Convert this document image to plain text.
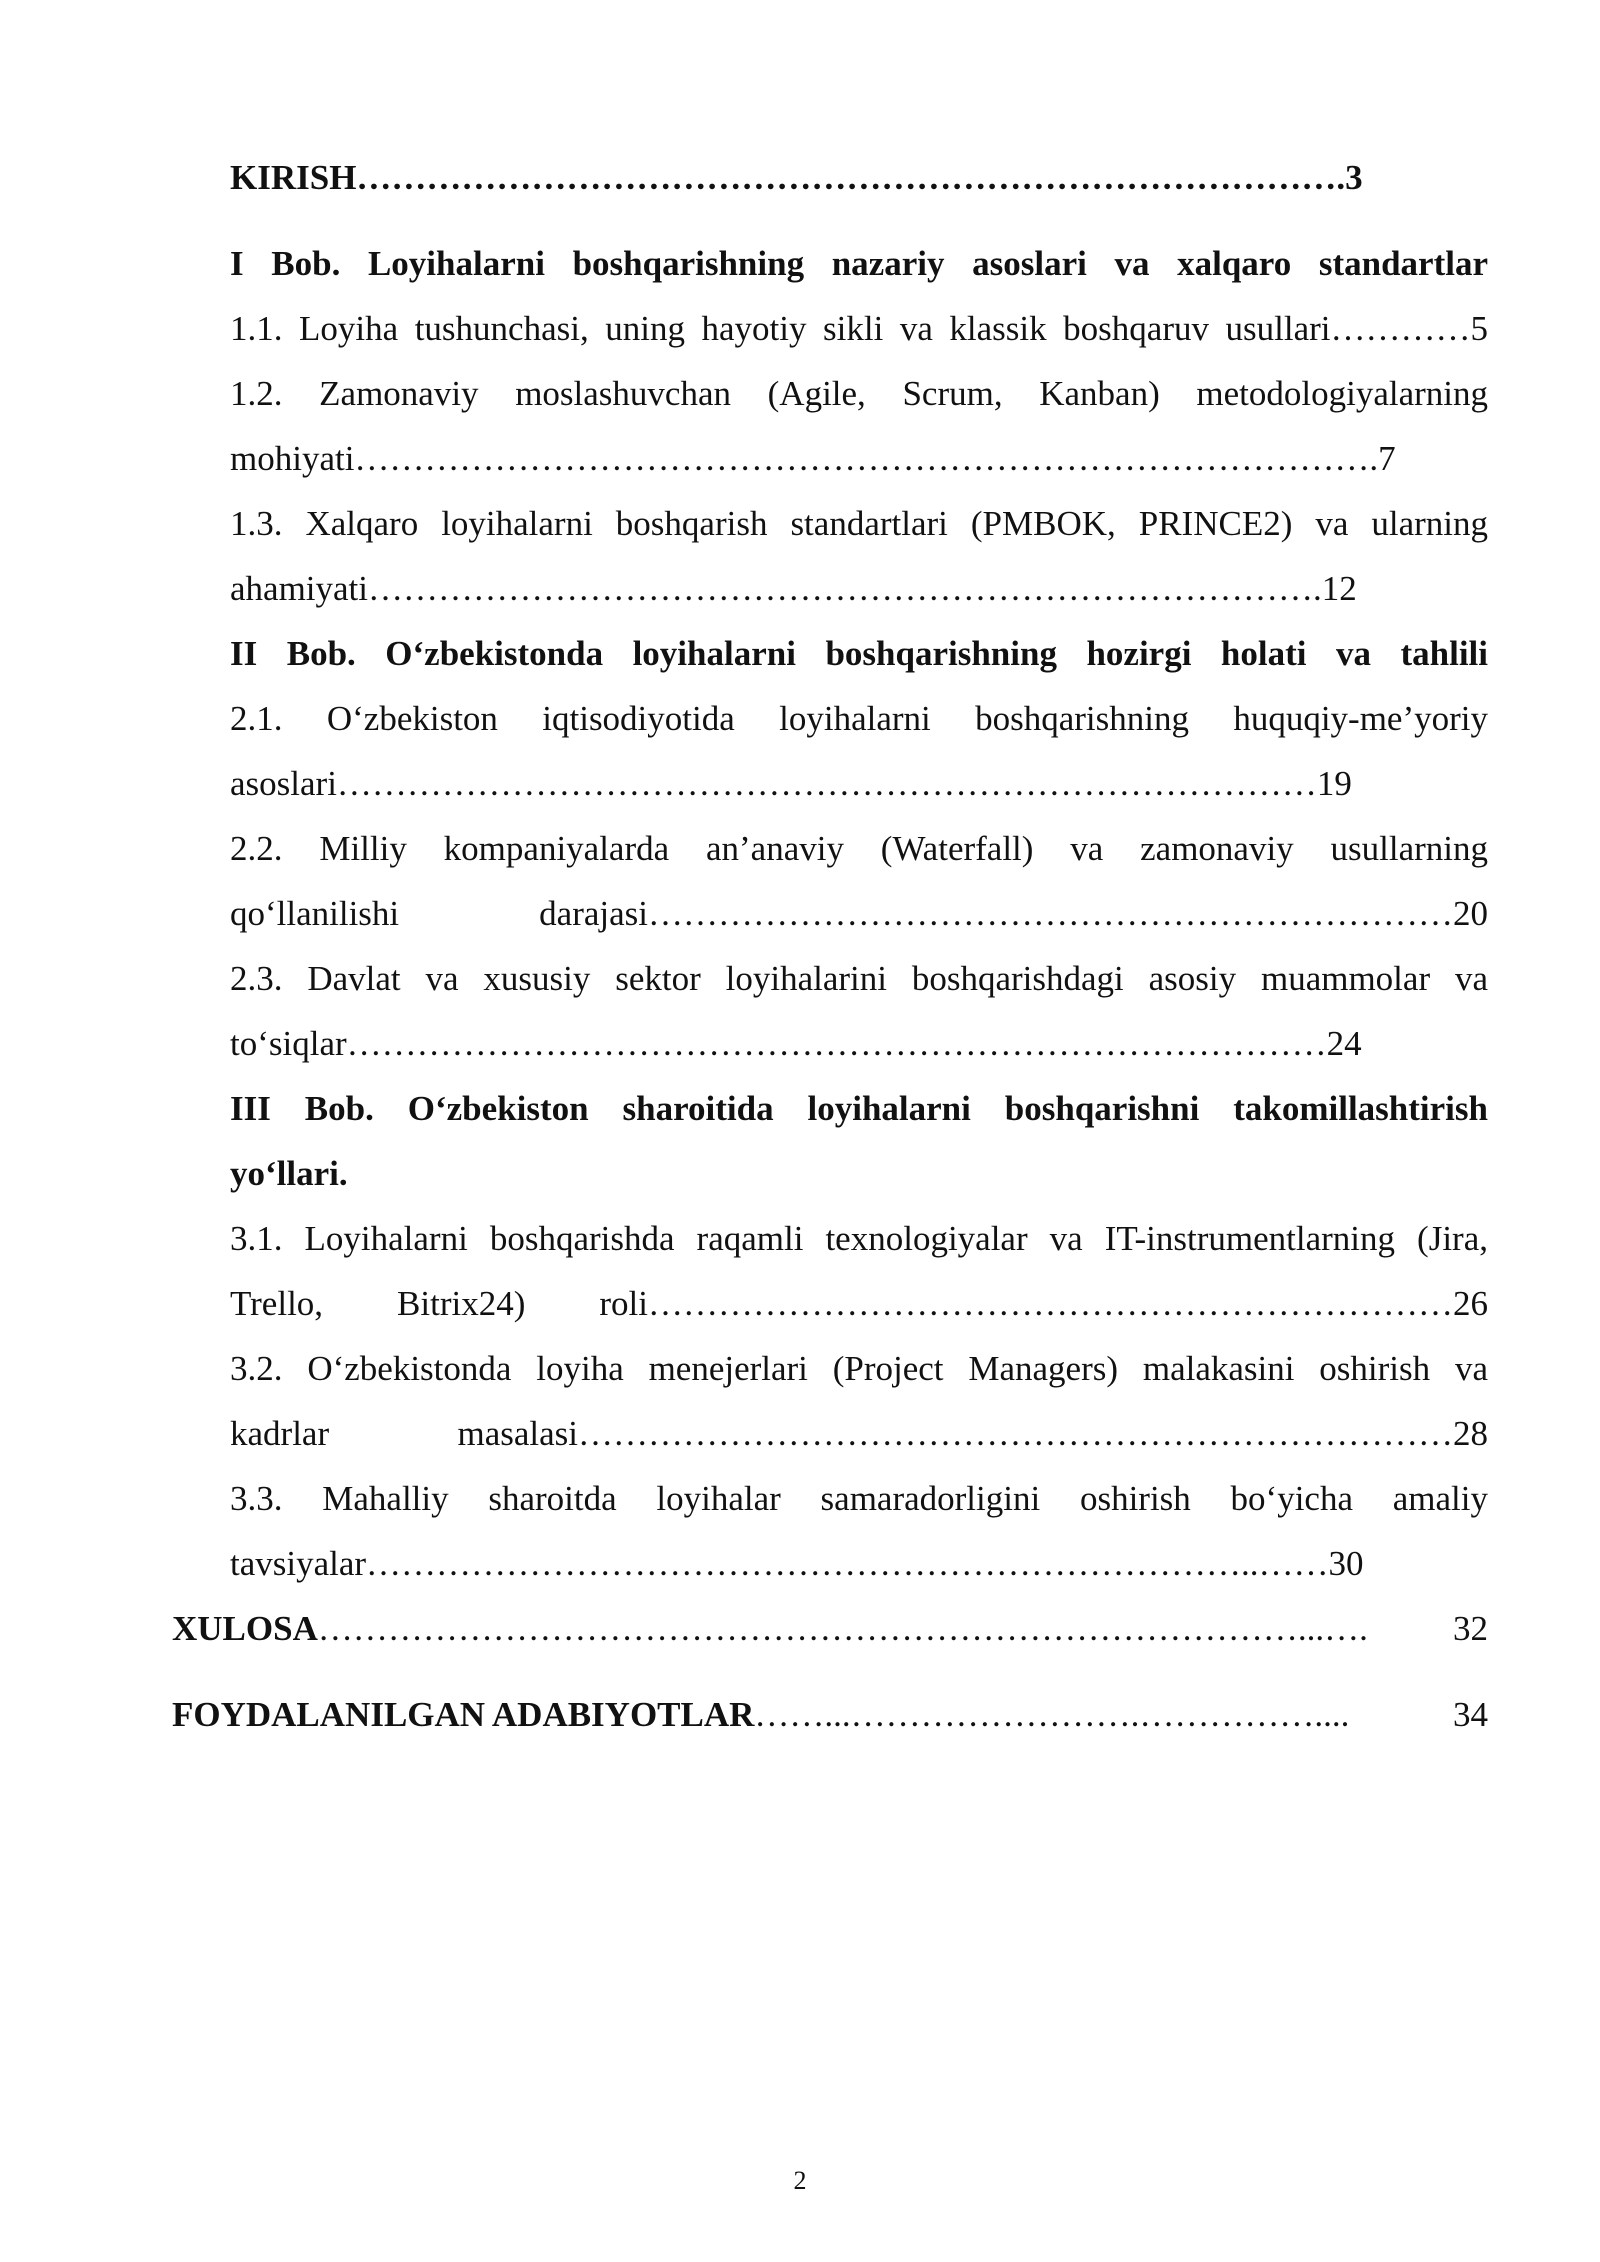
KIRISH………………………………………………………………………….3

I Bob. Loyihalarni boshqarishning nazariy asoslari va xalqaro standartlar

1.1. Loyiha tushunchasi, uning hayotiy sikli va klassik boshqaruv usullari…………5

1.2. Zamonaviy moslashuvchan (Agile, Scrum, Kanban) metodologiyalarning

mohiyati…………………………………………………………………………….7

1.3. Xalqaro loyihalarni boshqarish standartlari (PMBOK, PRINCE2) va ularning

ahamiyati……………………………………………………………………….12

II Bob. O‘zbekistonda loyihalarni boshqarishning hozirgi holati va tahlili

2.1. O‘zbekiston iqtisodiyotida loyihalarni boshqarishning huquqiy-me’yoriy

asoslari…………………………………………………………………………19

2.2. Milliy kompaniyalarda an’anaviy (Waterfall) va zamonaviy usullarning

qo‘llanilishi darajasi……………………………………………………………20

2.3. Davlat va xususiy sektor loyihalarini boshqarishdagi asosiy muammolar va

to‘siqlar…………………………………………………………………………24

III Bob. O‘zbekiston sharoitida loyihalarni boshqarishni takomillashtirish

yo‘llari.

3.1. Loyihalarni boshqarishda raqamli texnologiyalar va IT-instrumentlarning (Jira,

Trello, Bitrix24) roli……………………………………………………………26

3.2. O‘zbekistonda loyiha menejerlari (Project Managers) malakasini oshirish va

kadrlar masalasi…………………………………………………………………28

3.3. Mahalliy sharoitda loyihalar samaradorligini oshirish bo‘yicha amaliy

tavsiyalar…………………………………………………………………..……30

XULOSA …………………………………………………………………………...….	32
FOYDALANILGAN ADABIYOTLAR ……...…………………….……………....	34
2
